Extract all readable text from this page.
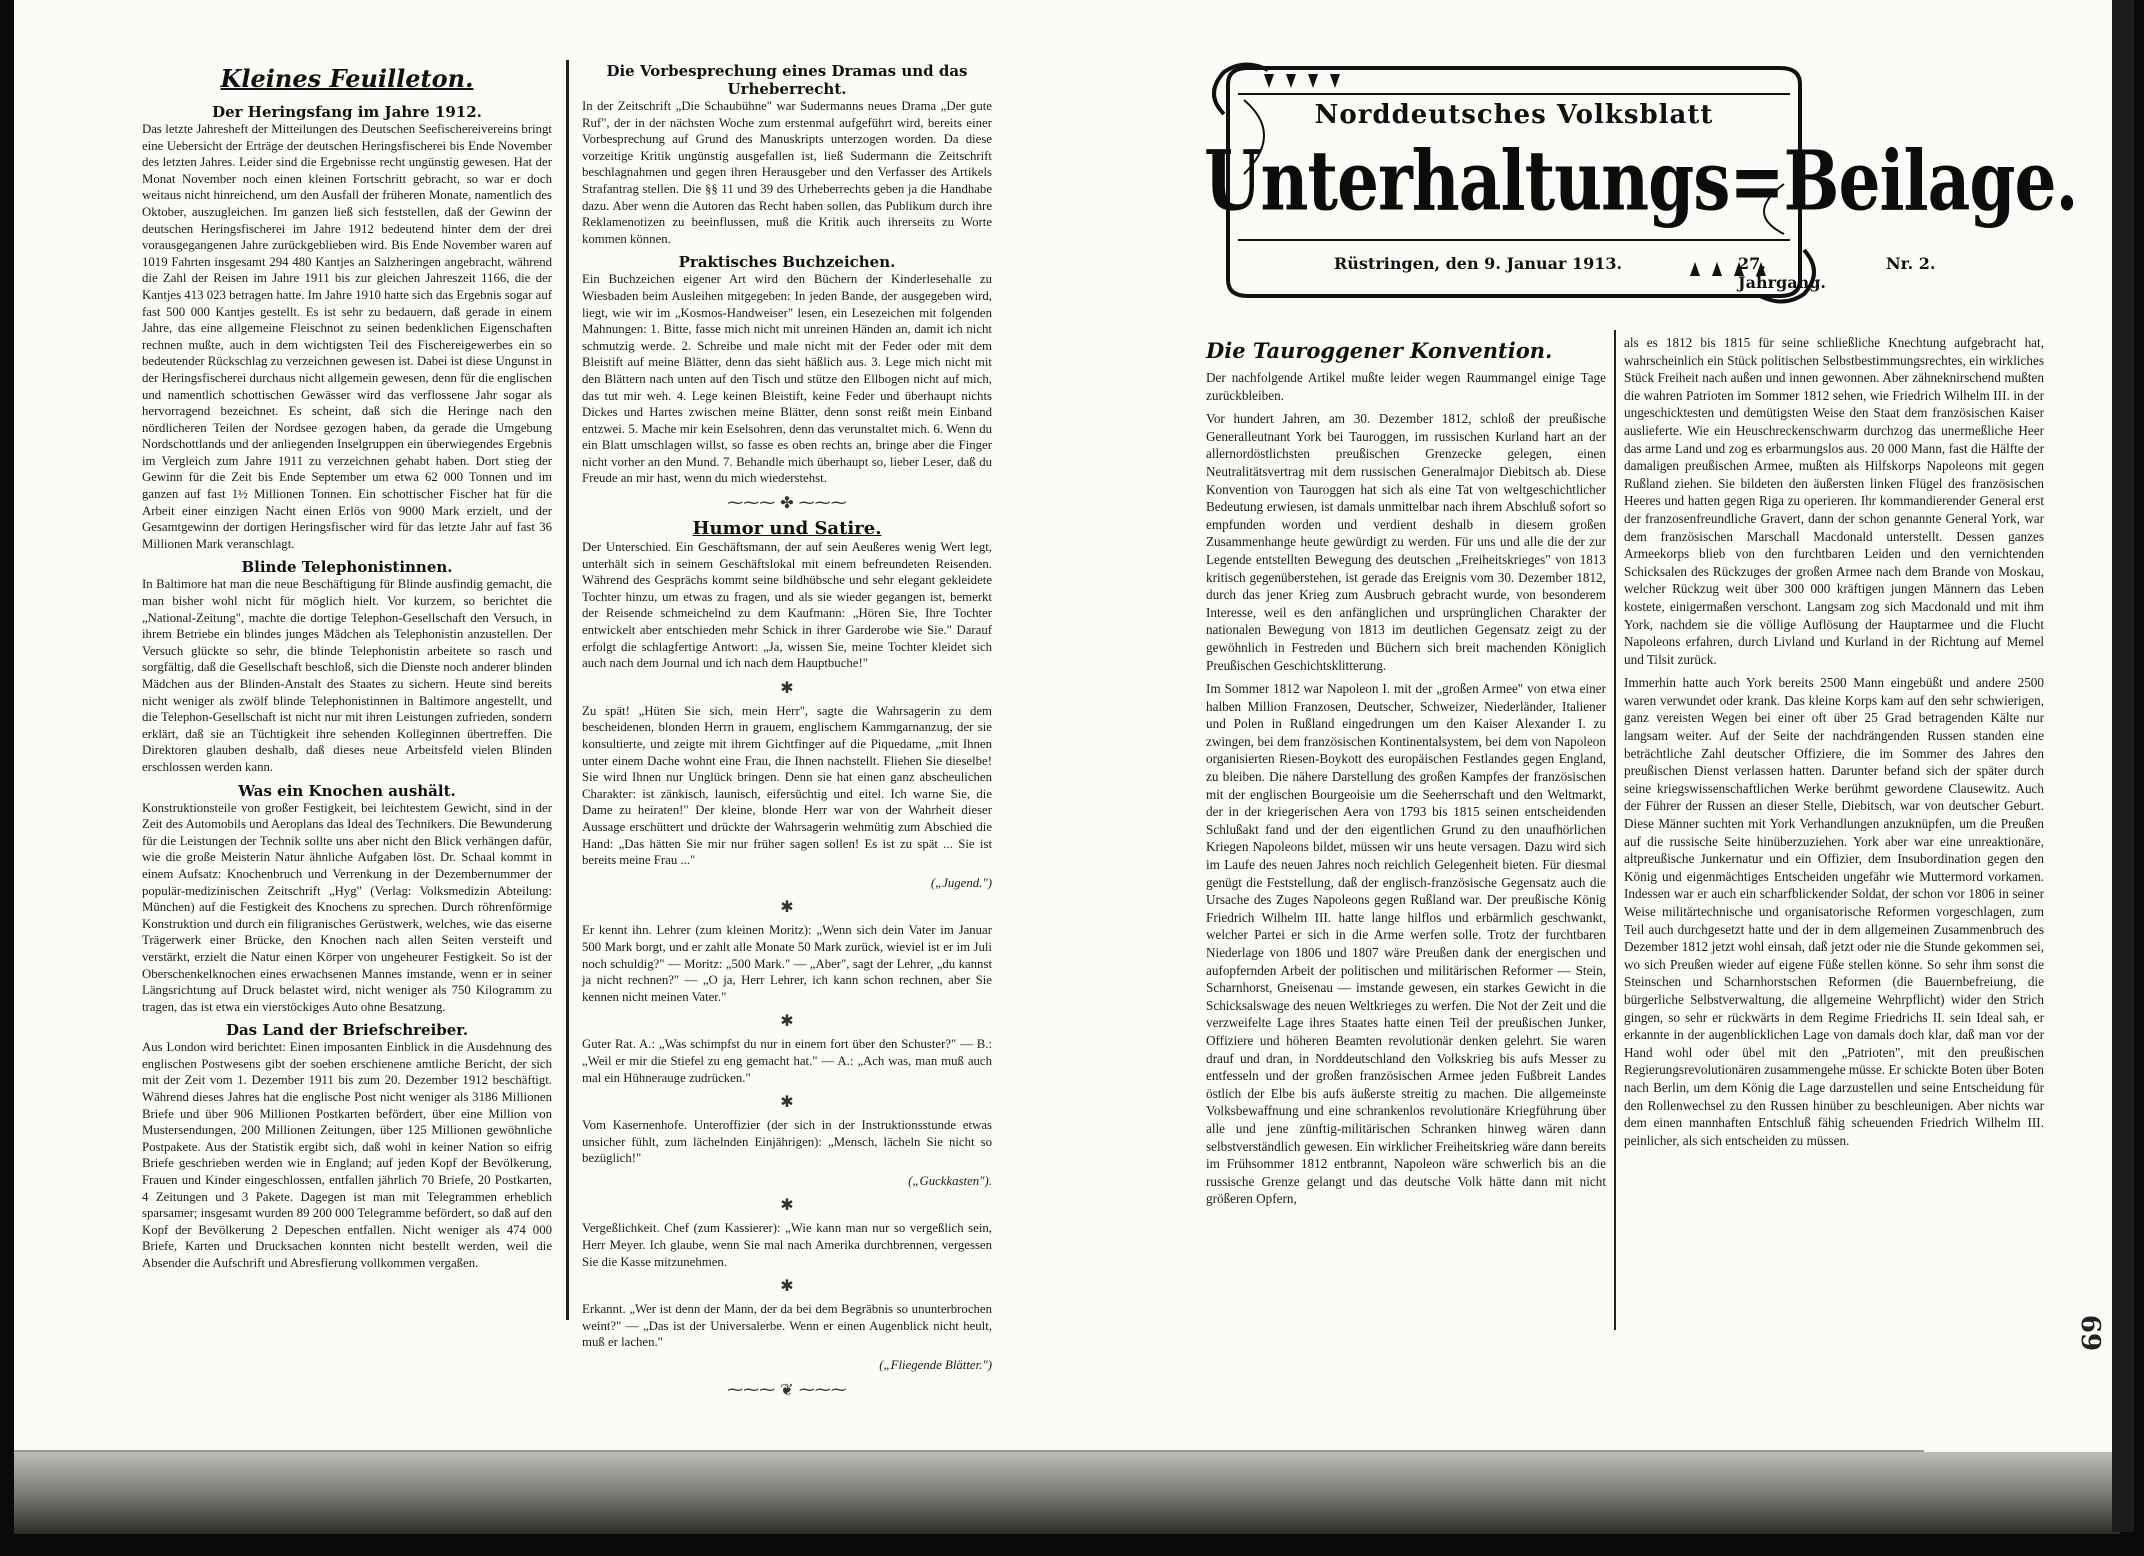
Kleines Feuilleton.
Der Heringsfang im Jahre 1912.

Das letzte Jahresheft der Mitteilungen des Deutschen Seefischereivereins bringt eine Uebersicht der Erträge der deutschen Heringsfischerei bis Ende November des letzten Jahres. Leider sind die Ergebnisse recht ungünstig gewesen. Hat der Monat November noch einen kleinen Fortschritt gebracht, so war er doch weitaus nicht hinreichend, um den Ausfall der früheren Monate, namentlich des Oktober, auszugleichen. Im ganzen ließ sich feststellen, daß der Gewinn der deutschen Heringsfischerei im Jahre 1912 bedeutend hinter dem der drei vorausgegangenen Jahre zurückgeblieben wird. Bis Ende November waren auf 1019 Fahrten insgesamt 294 480 Kantjes an Salzheringen angebracht, während die Zahl der Reisen im Jahre 1911 bis zur gleichen Jahreszeit 1166, die der Kantjes 413 023 betragen hatte. Im Jahre 1910 hatte sich das Ergebnis sogar auf fast 500 000 Kantjes gestellt. Es ist sehr zu bedauern, daß gerade in einem Jahre, das eine allgemeine Fleischnot zu seinen bedenklichen Eigenschaften rechnen mußte, auch in dem wichtigsten Teil des Fischereigewerbes ein so bedeutender Rückschlag zu verzeichnen gewesen ist. Dabei ist diese Ungunst in der Heringsfischerei durchaus nicht allgemein gewesen, denn für die englischen und namentlich schottischen Gewässer wird das verflossene Jahr sogar als hervorragend bezeichnet. Es scheint, daß sich die Heringe nach den nördlicheren Teilen der Nordsee gezogen haben, da gerade die Umgebung Nordschottlands und der anliegenden Inselgruppen ein überwiegendes Ergebnis im Vergleich zum Jahre 1911 zu verzeichnen gehabt haben. Dort stieg der Gewinn für die Zeit bis Ende September um etwa 62 000 Tonnen und im ganzen auf fast 1½ Millionen Tonnen. Ein schottischer Fischer hat für die Arbeit einer einzigen Nacht einen Erlös von 9000 Mark erzielt, und der Gesamtgewinn der dortigen Heringsfischer wird für das letzte Jahr auf fast 36 Millionen Mark veranschlagt.

Blinde Telephonistinnen.

In Baltimore hat man die neue Beschäftigung für Blinde ausfindig gemacht, die man bisher wohl nicht für möglich hielt. Vor kurzem, so berichtet die „National-Zeitung", machte die dortige Telephon-Gesellschaft den Versuch, in ihrem Betriebe ein blindes junges Mädchen als Telephonistin anzustellen. Der Versuch glückte so sehr, die blinde Telephonistin arbeitete so rasch und sorgfältig, daß die Gesellschaft beschloß, sich die Dienste noch anderer blinden Mädchen aus der Blinden-Anstalt des Staates zu sichern. Heute sind bereits nicht weniger als zwölf blinde Telephonistinnen in Baltimore angestellt, und die Telephon-Gesellschaft ist nicht nur mit ihren Leistungen zufrieden, sondern erklärt, daß sie an Tüchtigkeit ihre sehenden Kolleginnen übertreffen. Die Direktoren glauben deshalb, daß dieses neue Arbeitsfeld vielen Blinden erschlossen werden kann.

Was ein Knochen aushält.

Konstruktionsteile von großer Festigkeit, bei leichtestem Gewicht, sind in der Zeit des Automobils und Aeroplans das Ideal des Technikers. Die Bewunderung für die Leistungen der Technik sollte uns aber nicht den Blick verhängen dafür, wie die große Meisterin Natur ähnliche Aufgaben löst. Dr. Schaal kommt in einem Aufsatz: Knochenbruch und Verrenkung in der Dezembernummer der populär-medizinischen Zeitschrift „Hyg" (Verlag: Volksmedizin Abteilung: München) auf die Festigkeit des Knochens zu sprechen. Durch röhrenförmige Konstruktion und durch ein filigranisches Gerüstwerk, welches, wie das eiserne Trägerwerk einer Brücke, den Knochen nach allen Seiten versteift und verstärkt, erzielt die Natur einen Körper von ungeheurer Festigkeit. So ist der Oberschenkelknochen eines erwachsenen Mannes imstande, wenn er in seiner Längsrichtung auf Druck belastet wird, nicht weniger als 750 Kilogramm zu tragen, das ist etwa ein vierstöckiges Auto ohne Besatzung.

Das Land der Briefschreiber.

Aus London wird berichtet: Einen imposanten Einblick in die Ausdehnung des englischen Postwesens gibt der soeben erschienene amtliche Bericht, der sich mit der Zeit vom 1. Dezember 1911 bis zum 20. Dezember 1912 beschäftigt. Während dieses Jahres hat die englische Post nicht weniger als 3186 Millionen Briefe und über 906 Millionen Postkarten befördert, über eine Million von Mustersendungen, 200 Millionen Zeitungen, über 125 Millionen gewöhnliche Postpakete. Aus der Statistik ergibt sich, daß wohl in keiner Nation so eifrig Briefe geschrieben werden wie in England; auf jeden Kopf der Bevölkerung, Frauen und Kinder eingeschlossen, entfallen jährlich 70 Briefe, 20 Postkarten, 4 Zeitungen und 3 Pakete. Dagegen ist man mit Telegrammen erheblich sparsamer; insgesamt wurden 89 200 000 Telegramme befördert, so daß auf den Kopf der Bevölkerung 2 Depeschen entfallen. Nicht weniger als 474 000 Briefe, Karten und Drucksachen konnten nicht bestellt werden, weil die Absender die Aufschrift und Abresfierung vollkommen vergaßen.

Die Vorbesprechung eines Dramas und das Urheberrecht.

In der Zeitschrift „Die Schaubühne" war Sudermanns neues Drama „Der gute Ruf", der in der nächsten Woche zum erstenmal aufgeführt wird, bereits einer Vorbesprechung auf Grund des Manuskripts unterzogen worden. Da diese vorzeitige Kritik ungünstig ausgefallen ist, ließ Sudermann die Zeitschrift beschlagnahmen und gegen ihren Herausgeber und den Verfasser des Artikels Strafantrag stellen. Die §§ 11 und 39 des Urheberrechts geben ja die Handhabe dazu. Aber wenn die Autoren das Recht haben sollen, das Publikum durch ihre Reklamenotizen zu beeinflussen, muß die Kritik auch ihrerseits zu Worte kommen können.

Praktisches Buchzeichen.

Ein Buchzeichen eigener Art wird den Büchern der Kinderlesehalle zu Wiesbaden beim Ausleihen mitgegeben: In jeden Bande, der ausgegeben wird, liegt, wie wir im „Kosmos-Handweiser" lesen, ein Lesezeichen mit folgenden Mahnungen: 1. Bitte, fasse mich nicht mit unreinen Händen an, damit ich nicht schmutzig werde. 2. Schreibe und male nicht mit der Feder oder mit dem Bleistift auf meine Blätter, denn das sieht häßlich aus. 3. Lege mich nicht mit den Blättern nach unten auf den Tisch und stütze den Ellbogen nicht auf mich, das tut mir weh. 4. Lege keinen Bleistift, keine Feder und überhaupt nichts Dickes und Hartes zwischen meine Blätter, denn sonst reißt mein Einband entzwei. 5. Mache mir kein Eselsohren, denn das verunstaltet mich. 6. Wenn du ein Blatt umschlagen willst, so fasse es oben rechts an, bringe aber die Finger nicht vorher an den Mund. 7. Behandle mich überhaupt so, lieber Leser, daß du Freude an mir hast, wenn du mich wiederstehst.

⁓⁓⁓ ✤ ⁓⁓⁓
Humor und Satire.

Der Unterschied. Ein Geschäftsmann, der auf sein Aeußeres wenig Wert legt, unterhält sich in seinem Geschäftslokal mit einem befreundeten Reisenden. Während des Gesprächs kommt seine bildhübsche und sehr elegant gekleidete Tochter hinzu, um etwas zu fragen, und als sie wieder gegangen ist, bemerkt der Reisende schmeichelnd zu dem Kaufmann: „Hören Sie, Ihre Tochter entwickelt aber entschieden mehr Schick in ihrer Garderobe wie Sie." Darauf erfolgt die schlagfertige Antwort: „Ja, wissen Sie, meine Tochter kleidet sich auch nach dem Journal und ich nach dem Hauptbuche!"

✱

Zu spät! „Hüten Sie sich, mein Herr", sagte die Wahrsagerin zu dem bescheidenen, blonden Herrn in grauem, englischem Kammgarnanzug, der sie konsultierte, und zeigte mit ihrem Gichtfinger auf die Piquedame, „mit Ihnen unter einem Dache wohnt eine Frau, die Ihnen nachstellt. Fliehen Sie dieselbe! Sie wird Ihnen nur Unglück bringen. Denn sie hat einen ganz abscheulichen Charakter: ist zänkisch, launisch, eifersüchtig und eitel. Ich warne Sie, die Dame zu heiraten!" Der kleine, blonde Herr war von der Wahrheit dieser Aussage erschüttert und drückte der Wahrsagerin wehmütig zum Abschied die Hand: „Das hätten Sie mir nur früher sagen sollen! Es ist zu spät ... Sie ist bereits meine Frau ..."

(„Jugend.")
✱

Er kennt ihn. Lehrer (zum kleinen Moritz): „Wenn sich dein Vater im Januar 500 Mark borgt, und er zahlt alle Monate 50 Mark zurück, wieviel ist er im Juli noch schuldig?" — Moritz: „500 Mark." — „Aber", sagt der Lehrer, „du kannst ja nicht rechnen?" — „O ja, Herr Lehrer, ich kann schon rechnen, aber Sie kennen nicht meinen Vater."

✱

Guter Rat. A.: „Was schimpfst du nur in einem fort über den Schuster?" — B.: „Weil er mir die Stiefel zu eng gemacht hat." — A.: „Ach was, man muß auch mal ein Hühnerauge zudrücken."

✱

Vom Kasernenhofe. Unteroffizier (der sich in der Instruktionsstunde etwas unsicher fühlt, zum lächelnden Einjährigen): „Mensch, lächeln Sie nicht so bezüglich!"

(„Guckkasten").
✱

Vergeßlichkeit. Chef (zum Kassierer): „Wie kann man nur so vergeßlich sein, Herr Meyer. Ich glaube, wenn Sie mal nach Amerika durchbrennen, vergessen Sie die Kasse mitzunehmen.

✱

Erkannt. „Wer ist denn der Mann, der da bei dem Begräbnis so ununterbrochen weint?" — „Das ist der Universalerbe. Wenn er einen Augenblick nicht heult, muß er lachen."

(„Fliegende Blätter.")
⁓⁓⁓ ❦ ⁓⁓⁓
Norddeutsches Volksblatt
Unterhaltungs=Beilage.
Rüstringen, den 9. Januar 1913.	27. Jahrgang.
Nr. 2.
Die Tauroggener Konvention.

Der nachfolgende Artikel mußte leider wegen Raummangel einige Tage zurückbleiben.

Vor hundert Jahren, am 30. Dezember 1812, schloß der preußische Generalleutnant York bei Tauroggen, im russischen Kurland hart an der allernordöstlichsten preußischen Grenzecke gelegen, einen Neutralitätsvertrag mit dem russischen Generalmajor Diebitsch ab. Diese Konvention von Tauroggen hat sich als eine Tat von weltgeschichtlicher Bedeutung erwiesen, ist damals unmittelbar nach ihrem Abschluß sofort so empfunden worden und verdient deshalb in diesem großen Zusammenhange heute gewürdigt zu werden. Für uns und alle die der zur Legende entstellten Bewegung des deutschen „Freiheitskrieges" von 1813 kritisch gegenüberstehen, ist gerade das Ereignis vom 30. Dezember 1812, durch das jener Krieg zum Ausbruch gebracht wurde, von besonderem Interesse, weil es den anfänglichen und ursprünglichen Charakter der nationalen Bewegung von 1813 im deutlichen Gegensatz zeigt zu der gewöhnlich in Festreden und Büchern sich breit machenden Königlich Preußischen Geschichtsklitterung.

Im Sommer 1812 war Napoleon I. mit der „großen Armee" von etwa einer halben Million Franzosen, Deutscher, Schweizer, Niederländer, Italiener und Polen in Rußland eingedrungen um den Kaiser Alexander I. zu zwingen, bei dem französischen Kontinentalsystem, bei dem von Napoleon organisierten Riesen-Boykott des europäischen Festlandes gegen England, zu bleiben. Die nähere Darstellung des großen Kampfes der französischen mit der englischen Bourgeoisie um die Seeherrschaft und den Weltmarkt, der in der kriegerischen Aera von 1793 bis 1815 seinen entscheidenden Schlußakt fand und der den eigentlichen Grund zu den unaufhörlichen Kriegen Napoleons bildet, müssen wir uns heute versagen. Dazu wird sich im Laufe des neuen Jahres noch reichlich Gelegenheit bieten. Für diesmal genügt die Feststellung, daß der englisch-französische Gegensatz auch die Ursache des Zuges Napoleons gegen Rußland war. Der preußische König Friedrich Wilhelm III. hatte lange hilflos und erbärmlich geschwankt, welcher Partei er sich in die Arme werfen solle. Trotz der furchtbaren Niederlage von 1806 und 1807 wäre Preußen dank der energischen und aufopfernden Arbeit der politischen und militärischen Reformer — Stein, Scharnhorst, Gneisenau — imstande gewesen, ein starkes Gewicht in die Schicksalswage des neuen Weltkrieges zu werfen. Die Not der Zeit und die verzweifelte Lage ihres Staates hatte einen Teil der preußischen Junker, Offiziere und höheren Beamten revolutionär denken gelehrt. Sie waren drauf und dran, in Norddeutschland den Volkskrieg bis aufs Messer zu entfesseln und der großen französischen Armee jeden Fußbreit Landes östlich der Elbe bis aufs äußerste streitig zu machen. Die allgemeinste Volksbewaffnung und eine schrankenlos revolutionäre Kriegführung über alle und jene zünftig-militärischen Schranken hinweg wären dann selbstverständlich gewesen. Ein wirklicher Freiheitskrieg wäre dann bereits im Frühsommer 1812 entbrannt, Napoleon wäre schwerlich bis an die russische Grenze gelangt und das deutsche Volk hätte dann mit nicht größeren Opfern,

als es 1812 bis 1815 für seine schließliche Knechtung aufgebracht hat, wahrscheinlich ein Stück politischen Selbstbestimmungsrechtes, ein wirkliches Stück Freiheit nach außen und innen gewonnen. Aber zähneknirschend mußten die wahren Patrioten im Sommer 1812 sehen, wie Friedrich Wilhelm III. in der ungeschicktesten und demütigsten Weise den Staat dem französischen Kaiser auslieferte. Wie ein Heuschreckenschwarm durchzog das unermeßliche Heer das arme Land und zog es erbarmungslos aus. 20 000 Mann, fast die Hälfte der damaligen preußischen Armee, mußten als Hilfskorps Napoleons mit gegen Rußland ziehen. Sie bildeten den äußersten linken Flügel des französischen Heeres und hatten gegen Riga zu operieren. Ihr kommandierender General erst der franzosenfreundliche Gravert, dann der schon genannte General York, war dem französischen Marschall Macdonald unterstellt. Dessen ganzes Armeekorps blieb von den furchtbaren Leiden und den vernichtenden Schicksalen des Rückzuges der großen Armee nach dem Brande von Moskau, welcher Rückzug weit über 300 000 kräftigen jungen Männern das Leben kostete, einigermaßen verschont. Langsam zog sich Macdonald und mit ihm York, nachdem sie die völlige Auflösung der Hauptarmee und die Flucht Napoleons erfahren, durch Livland und Kurland in der Richtung auf Memel und Tilsit zurück.

Immerhin hatte auch York bereits 2500 Mann eingebüßt und andere 2500 waren verwundet oder krank. Das kleine Korps kam auf den sehr schwierigen, ganz vereisten Wegen bei einer oft über 25 Grad betragenden Kälte nur langsam weiter. Auf der Seite der nachdrängenden Russen standen eine beträchtliche Zahl deutscher Offiziere, die im Sommer des Jahres den preußischen Dienst verlassen hatten. Darunter befand sich der später durch seine kriegswissenschaftlichen Werke berühmt gewordene Clausewitz. Auch der Führer der Russen an dieser Stelle, Diebitsch, war von deutscher Geburt. Diese Männer suchten mit York Verhandlungen anzuknüpfen, um die Preußen auf die russische Seite hinüberzuziehen. York aber war eine unreaktionäre, altpreußische Junkernatur und ein Offizier, dem Insubordination gegen den König und eigenmächtiges Entscheiden ungefähr wie Muttermord vorkamen. Indessen war er auch ein scharfblickender Soldat, der schon vor 1806 in seiner Weise militärtechnische und organisatorische Reformen vorgeschlagen, zum Teil auch durchgesetzt hatte und der in dem allgemeinen Zusammenbruch des Dezember 1812 jetzt wohl einsah, daß jetzt oder nie die Stunde gekommen sei, wo sich Preußen wieder auf eigene Füße stellen könne. So sehr ihm sonst die Steinschen und Scharnhorstschen Reformen (die Bauernbefreiung, die bürgerliche Selbstverwaltung, die allgemeine Wehrpflicht) wider den Strich gingen, so sehr er rückwärts in dem Regime Friedrichs II. sein Ideal sah, er erkannte in der augenblicklichen Lage von damals doch klar, daß man vor der Hand wohl oder übel mit den „Patrioten", mit den preußischen Regierungsrevolutionären zusammengehe müsse. Er schickte Boten über Boten nach Berlin, um dem König die Lage darzustellen und seine Entscheidung für den Rollenwechsel zu den Russen hinüber zu beschleunigen. Aber nichts war dem einen mannhaften Entschluß fähig scheuenden Friedrich Wilhelm III. peinlicher, als sich entscheiden zu müssen.

69
